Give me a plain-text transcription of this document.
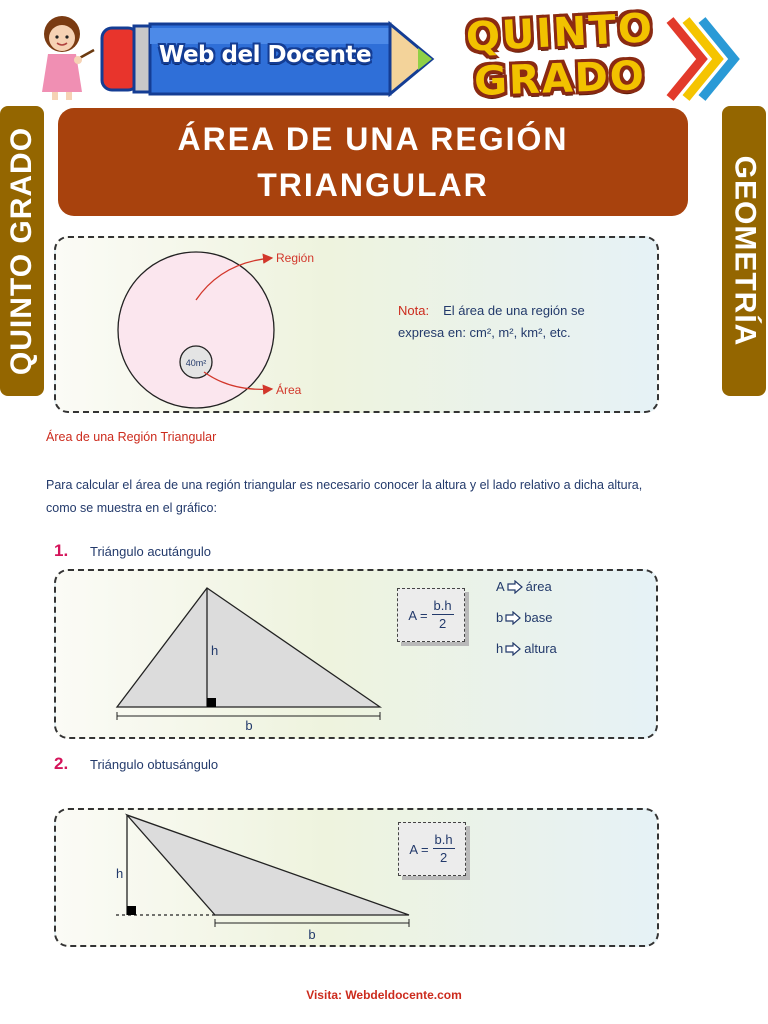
Web del Docente	QUINTO
GRADO
ÁREA DE UNA REGIÓN
TRIANGULAR
QUINTO GRADO	GEOMETRÍA
Región
Área
40m²
Nota: El área de una región se
expresa en: cm², m², km², etc.
Área de una Región Triangular
Para calcular el área de una región triangular es necesario conocer la altura y el lado relativo a dicha altura,
como se muestra en el gráfico:
1. Triángulo acutángulo
h
b
$A = \frac{b.h}{2}$
A área
b base
h altura
2. Triángulo obtusángulo
h
b
$A = \frac{b.h}{2}$
Visita: Webdeldocente.com
